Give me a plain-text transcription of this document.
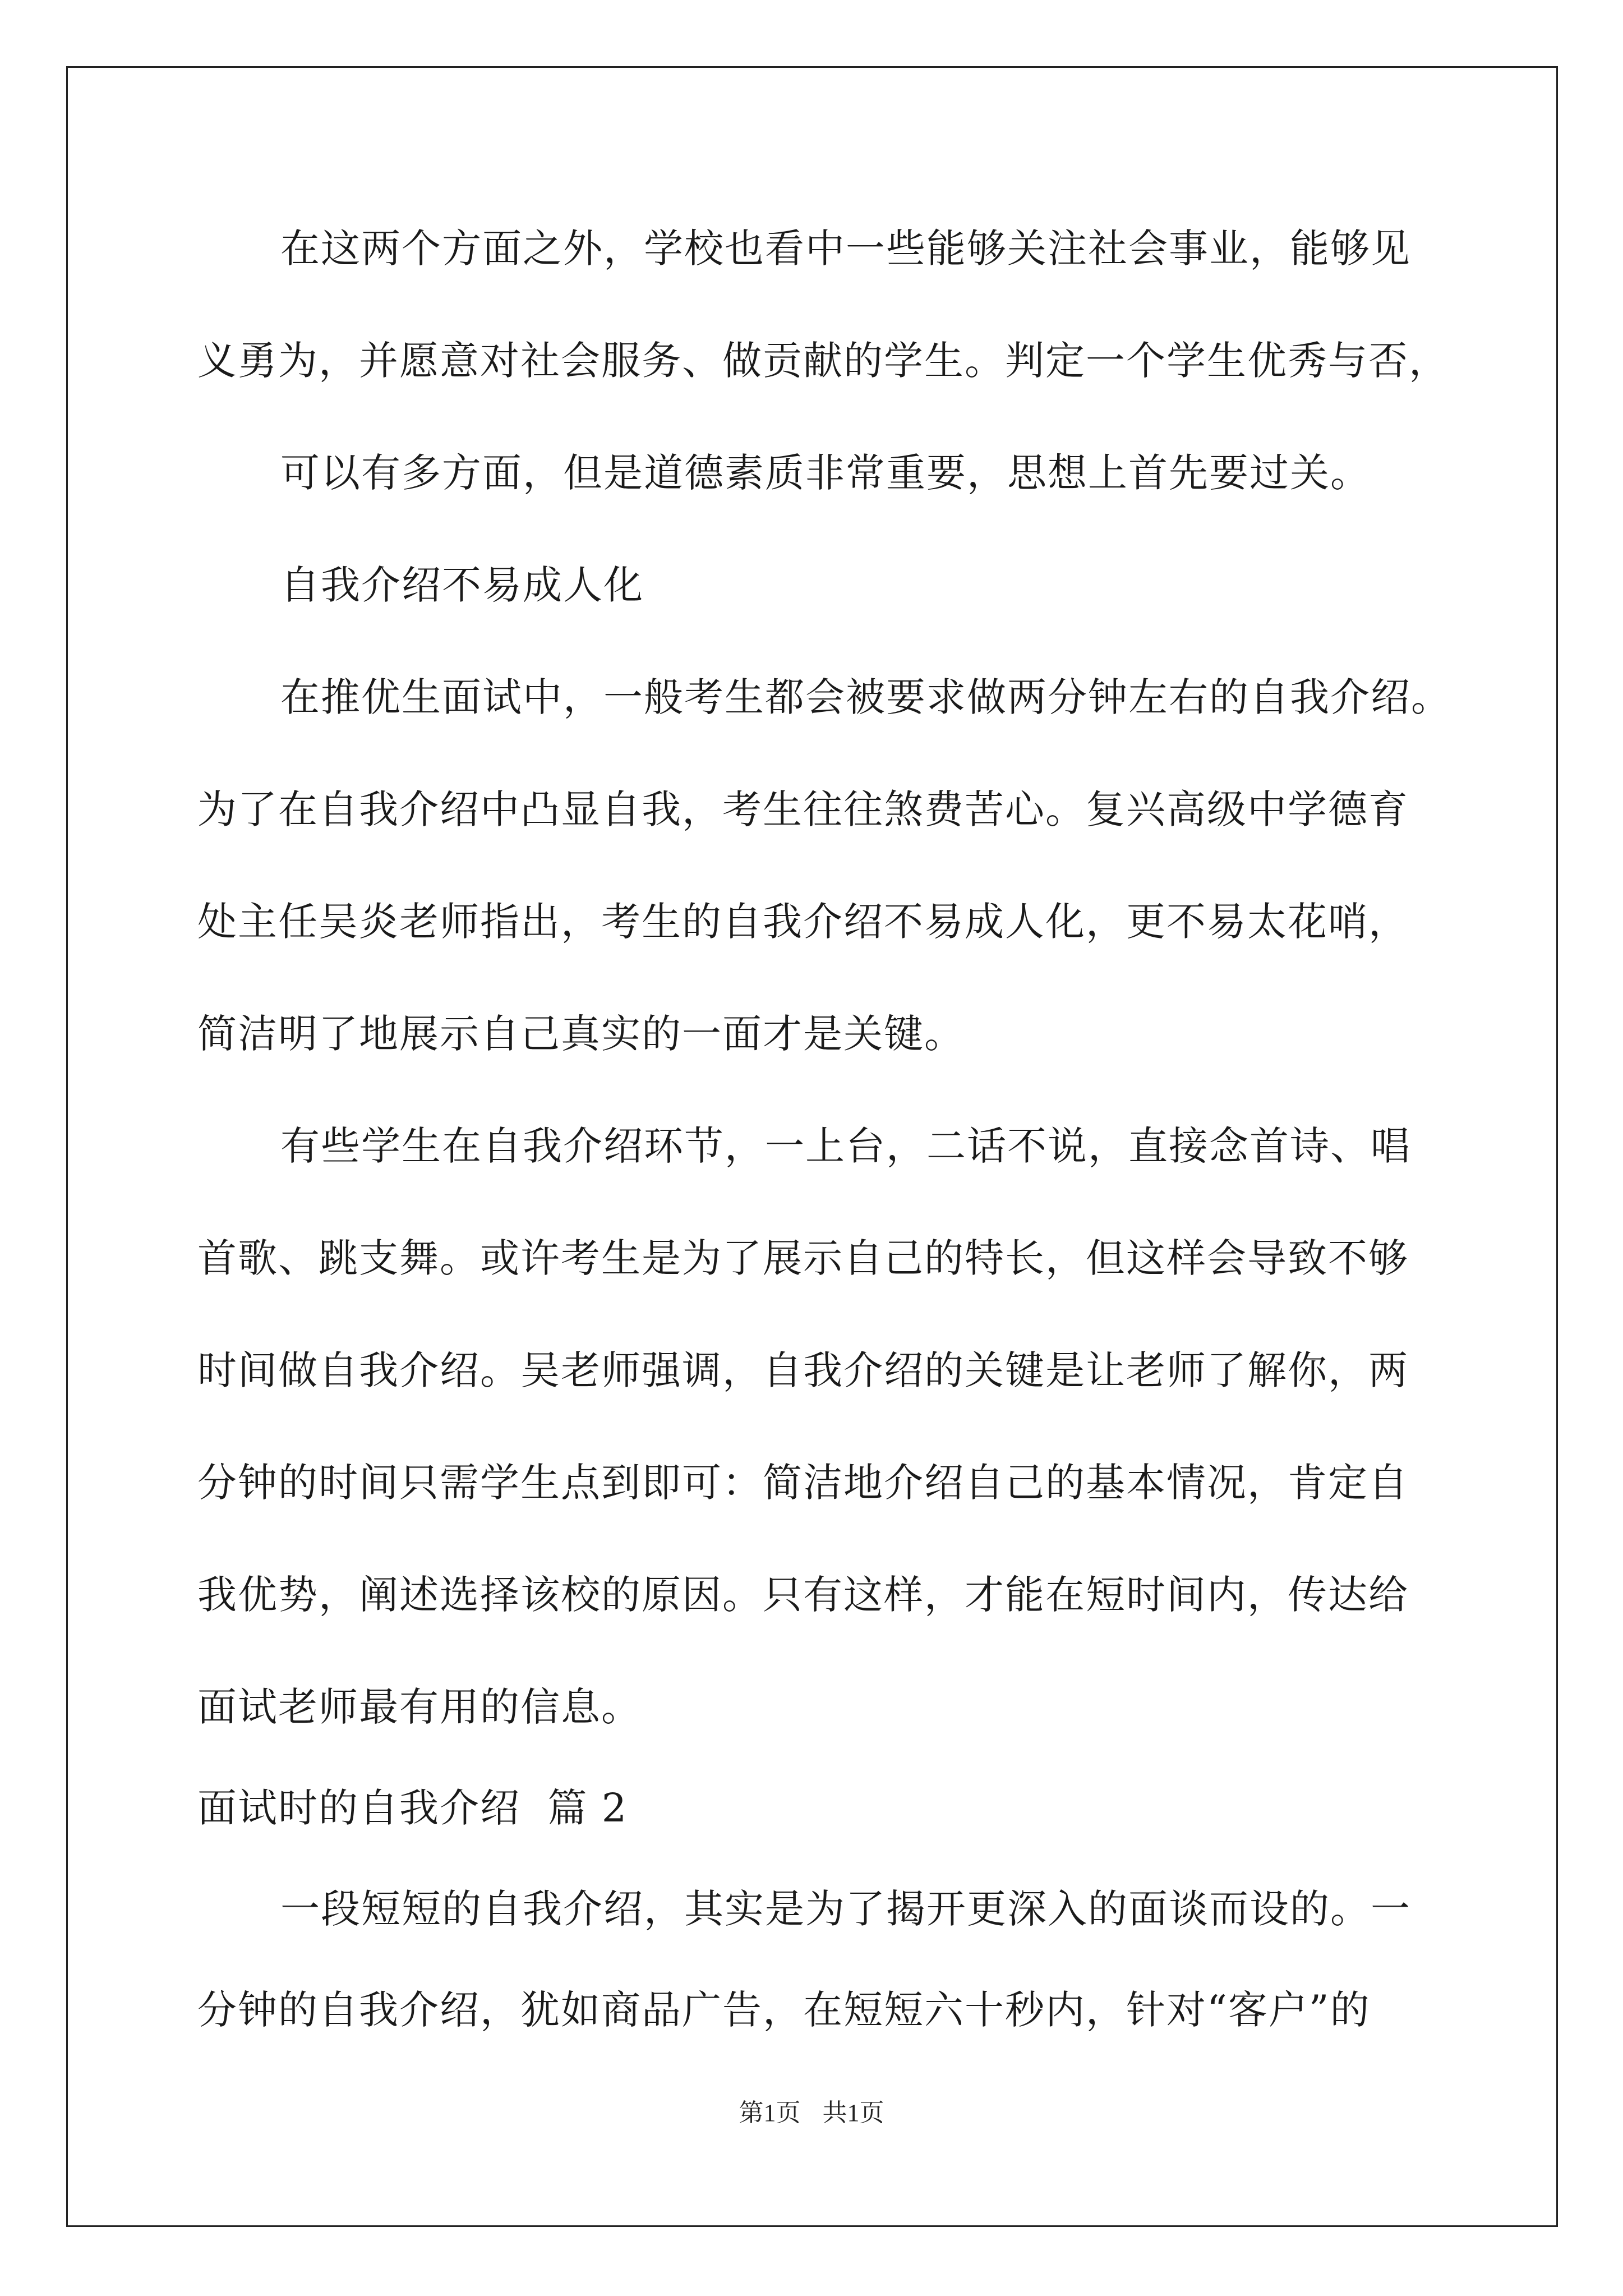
在这两个方面之外，学校也看中一些能够关注社会事业，能够见
义勇为，并愿意对社会服务、做贡献的学生。判定一个学生优秀与否，
可以有多方面，但是道德素质非常重要，思想上首先要过关。
自我介绍不易成人化
在推优生面试中，一般考生都会被要求做两分钟左右的自我介绍。
为了在自我介绍中凸显自我，考生往往煞费苦心。复兴高级中学德育
处主任吴炎老师指出，考生的自我介绍不易成人化，更不易太花哨，
简洁明了地展示自己真实的一面才是关键。
有些学生在自我介绍环节，一上台，二话不说，直接念首诗、唱
首歌、跳支舞。或许考生是为了展示自己的特长，但这样会导致不够
时间做自我介绍。吴老师强调，自我介绍的关键是让老师了解你，两
分钟的时间只需学生点到即可：简洁地介绍自己的基本情况，肯定自
我优势，阐述选择该校的原因。只有这样，才能在短时间内，传达给
面试老师最有用的信息。
面试时的自我介绍  篇 2
一段短短的自我介绍，其实是为了揭开更深入的面谈而设的。一
分钟的自我介绍，犹如商品广告，在短短六十秒内，针对“客户”的
第1页 共1页
